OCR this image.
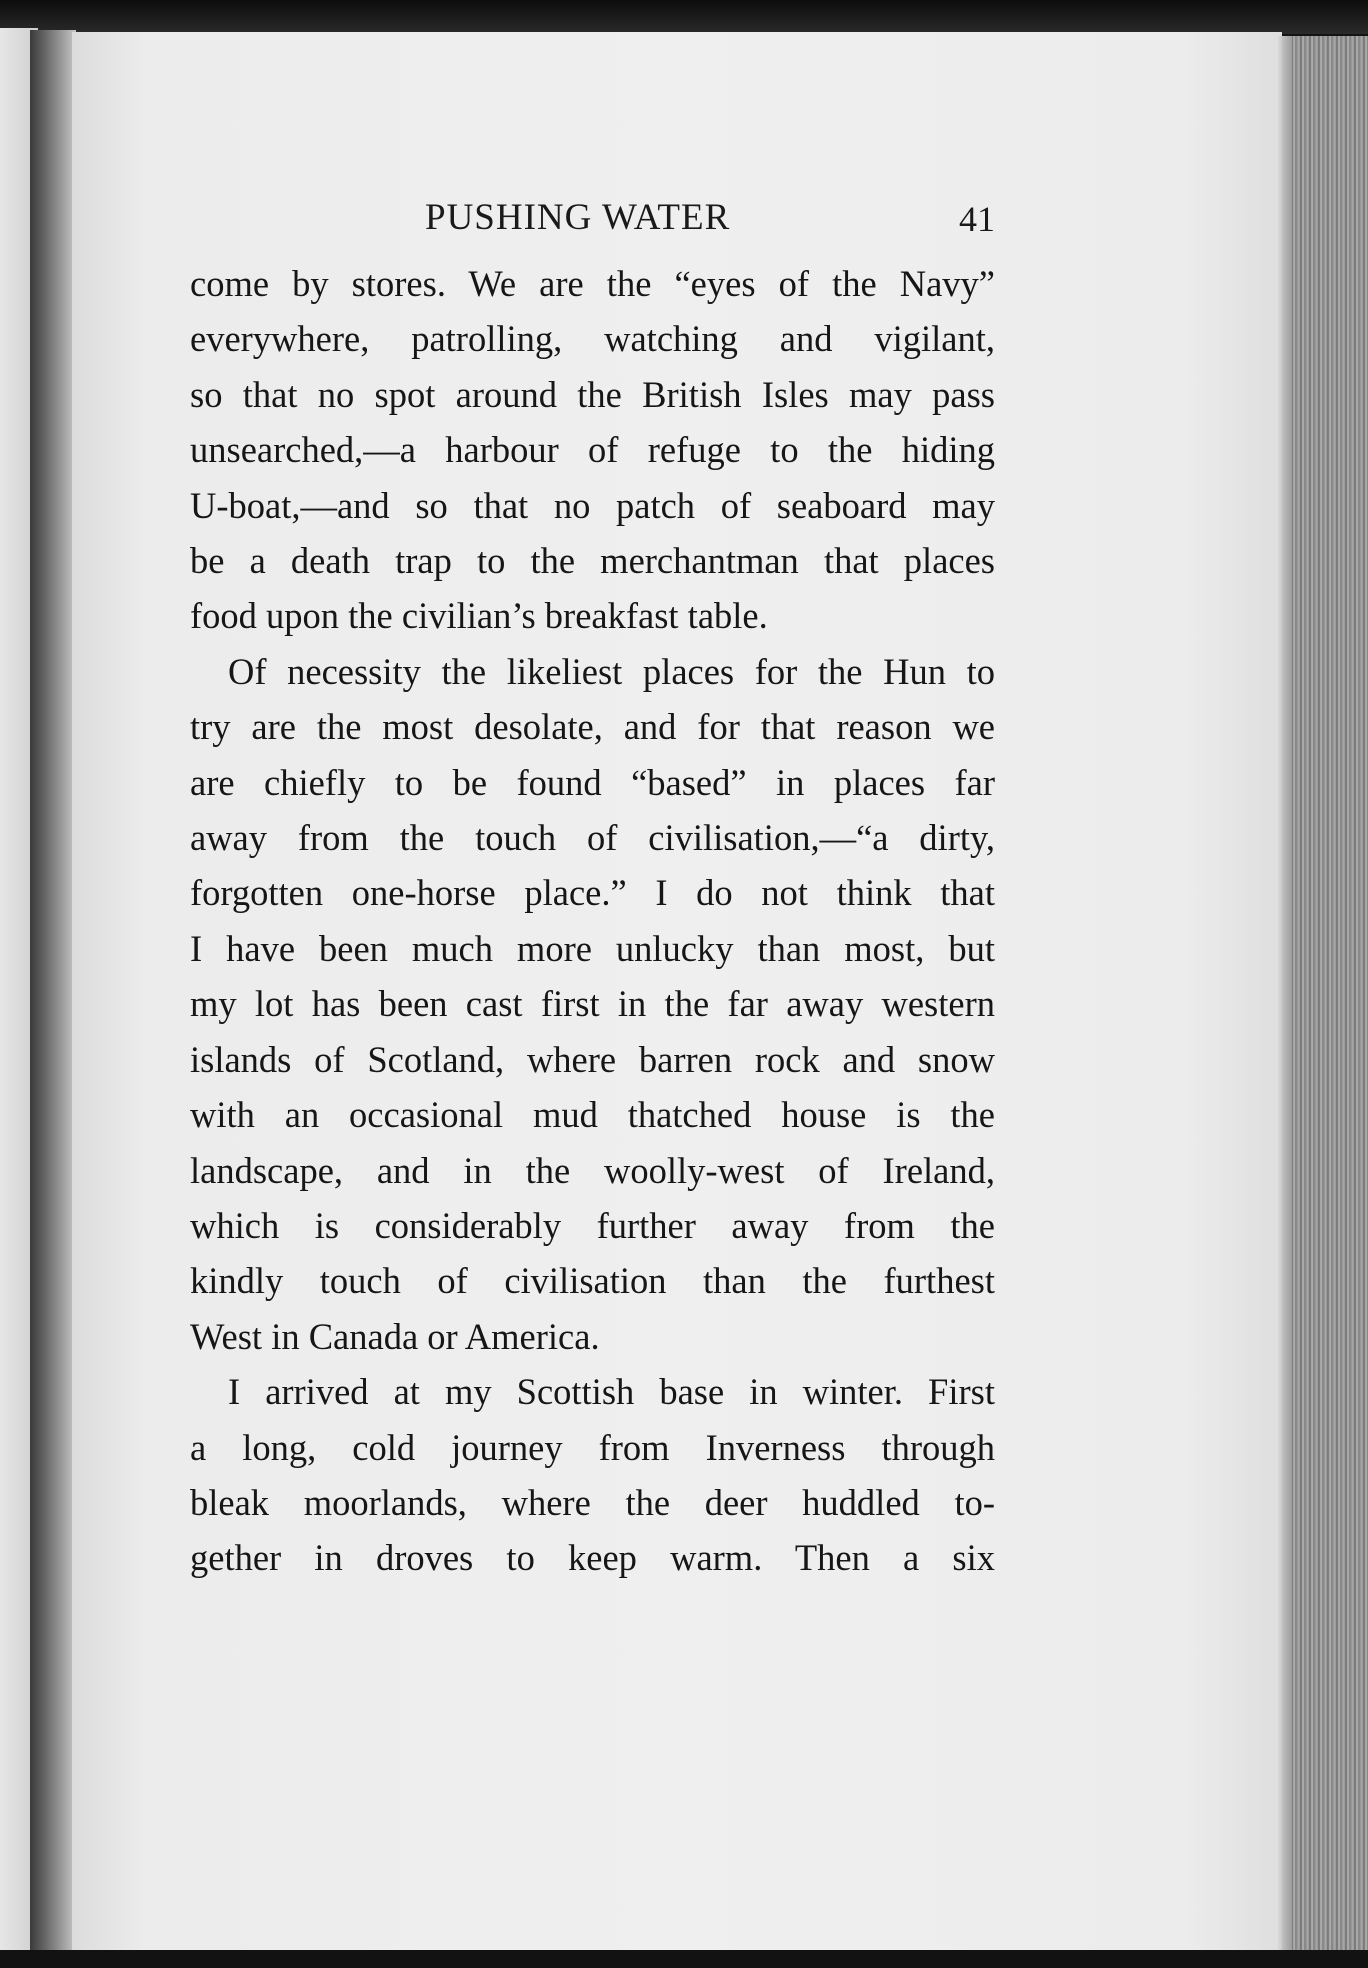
PUSHING WATER	41

come by stores. We are the “eyes of the Navy”
everywhere, patrolling, watching and vigilant,
so that no spot around the British Isles may pass
unsearched,—a harbour of refuge to the hiding
U-boat,—and so that no patch of seaboard may
be a death trap to the merchantman that places
food upon the civilian’s breakfast table.

Of necessity the likeliest places for the Hun to
try are the most desolate, and for that reason we
are chiefly to be found “based” in places far
away from the touch of civilisation,—“a dirty,
forgotten one-horse place.” I do not think that
I have been much more unlucky than most, but
my lot has been cast first in the far away western
islands of Scotland, where barren rock and snow
with an occasional mud thatched house is the
landscape, and in the woolly-west of Ireland,
which is considerably further away from the
kindly touch of civilisation than the furthest
West in Canada or America.

I arrived at my Scottish base in winter. First
a long, cold journey from Inverness through
bleak moorlands, where the deer huddled to-
gether in droves to keep warm. Then a six
